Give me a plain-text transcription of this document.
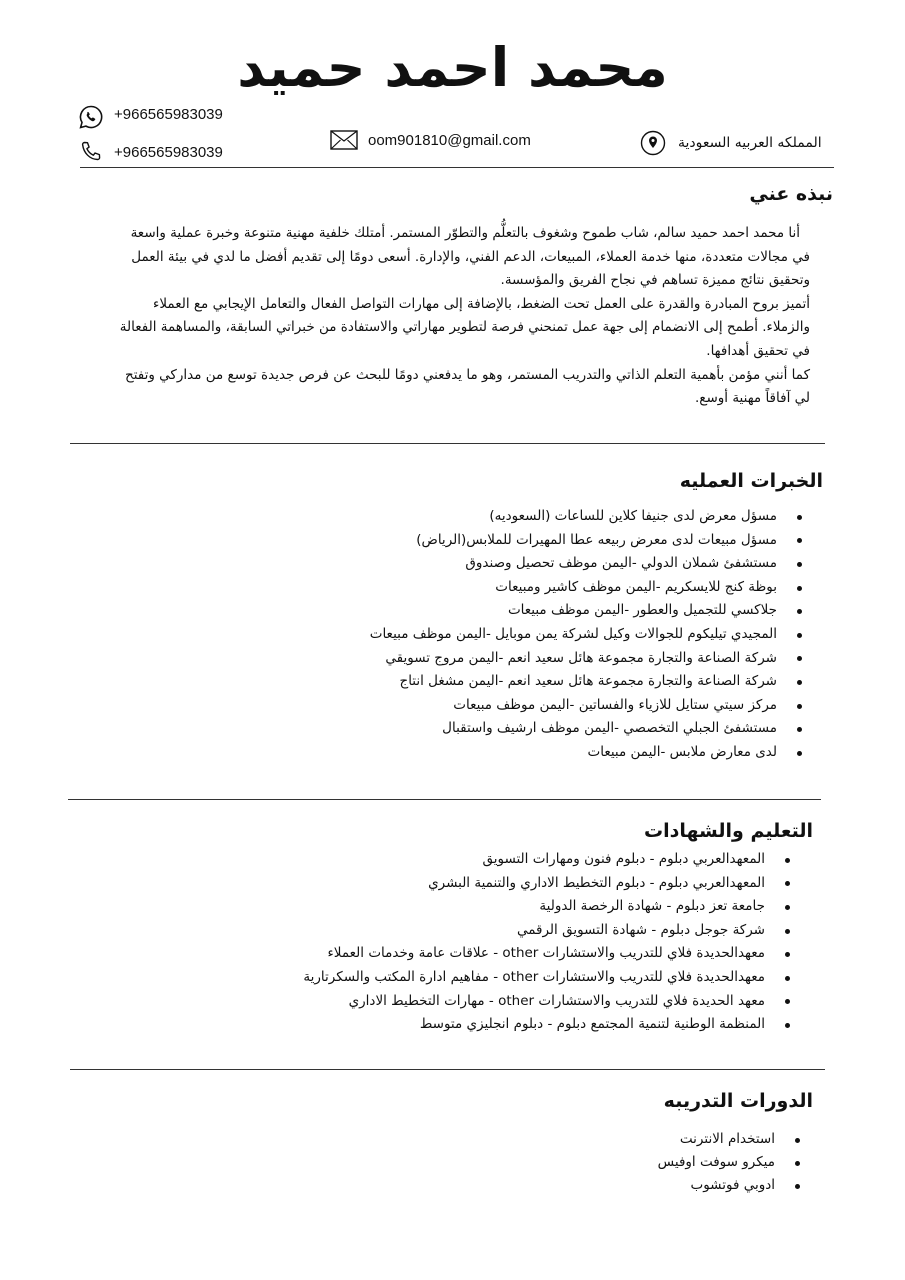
محمد احمد حميد
+966565983039
+966565983039
oom901810@gmail.com	المملكه العربيه السعودية
نبذه عني

أنا محمد احمد حميد سالم، شاب طموح وشغوف بالتعلُّم والتطوّر المستمر. أمتلك خلفية مهنية متنوعة وخبرة عملية واسعة في مجالات متعددة، منها خدمة العملاء، المبيعات، الدعم الفني، والإدارة. أسعى دومًا إلى تقديم أفضل ما لدي في بيئة العمل وتحقيق نتائج مميزة تساهم في نجاح الفريق والمؤسسة.

أتميز بروح المبادرة والقدرة على العمل تحت الضغط، بالإضافة إلى مهارات التواصل الفعال والتعامل الإيجابي مع العملاء والزملاء. أطمح إلى الانضمام إلى جهة عمل تمنحني فرصة لتطوير مهاراتي والاستفادة من خبراتي السابقة، والمساهمة الفعالة في تحقيق أهدافها.

كما أنني مؤمن بأهمية التعلم الذاتي والتدريب المستمر، وهو ما يدفعني دومًا للبحث عن فرص جديدة توسع من مداركي وتفتح لي آفاقاً مهنية أوسع.

الخبرات العمليه
مسؤل معرض لدى جنيفا كلاين للساعات (السعوديه)
مسؤل مبيعات لدى معرض ربيعه عطا المهيرات للملابس(الرياض)
مستشفئ شملان الدولي -اليمن موظف تحصيل وصندوق
بوظة كنج للايسكريم -اليمن موظف كاشير ومبيعات
جلاكسي للتجميل والعطور -اليمن موظف مبيعات
المجيدي تيليكوم للجوالات وكيل لشركة يمن موبايل -اليمن موظف مبيعات
شركة الصناعة والتجارة مجموعة هائل سعيد انعم -اليمن مروج تسويقي
شركة الصناعة والتجارة مجموعة هائل سعيد انعم -اليمن مشغل انتاج
مركز سيتي ستايل للازياء والفساتين -اليمن موظف مبيعات
مستشفئ الجبلي التخصصي -اليمن موظف ارشيف واستقبال
لدى معارض ملابس -اليمن مبيعات
التعليم والشهادات
المعهدالعربي دبلوم - دبلوم فنون ومهارات التسويق
المعهدالعربي دبلوم - دبلوم التخطيط الاداري والتنمية البشري
جامعة تعز دبلوم - شهادة الرخصة الدولية
شركة جوجل دبلوم - شهادة التسويق الرقمي
معهدالحديدة فلاي للتدريب والاستشارات other - علاقات عامة وخدمات العملاء
معهدالحديدة فلاي للتدريب والاستشارات other - مفاهيم ادارة المكتب والسكرتارية
معهد الحديدة فلاي للتدريب والاستشارات other - مهارات التخطيط الاداري
المنظمة الوطنية لتنمية المجتمع دبلوم - دبلوم انجليزي متوسط
الدورات التدريبه
استخدام الانترنت
ميكرو سوفت اوفيس
ادوبي فوتشوب
